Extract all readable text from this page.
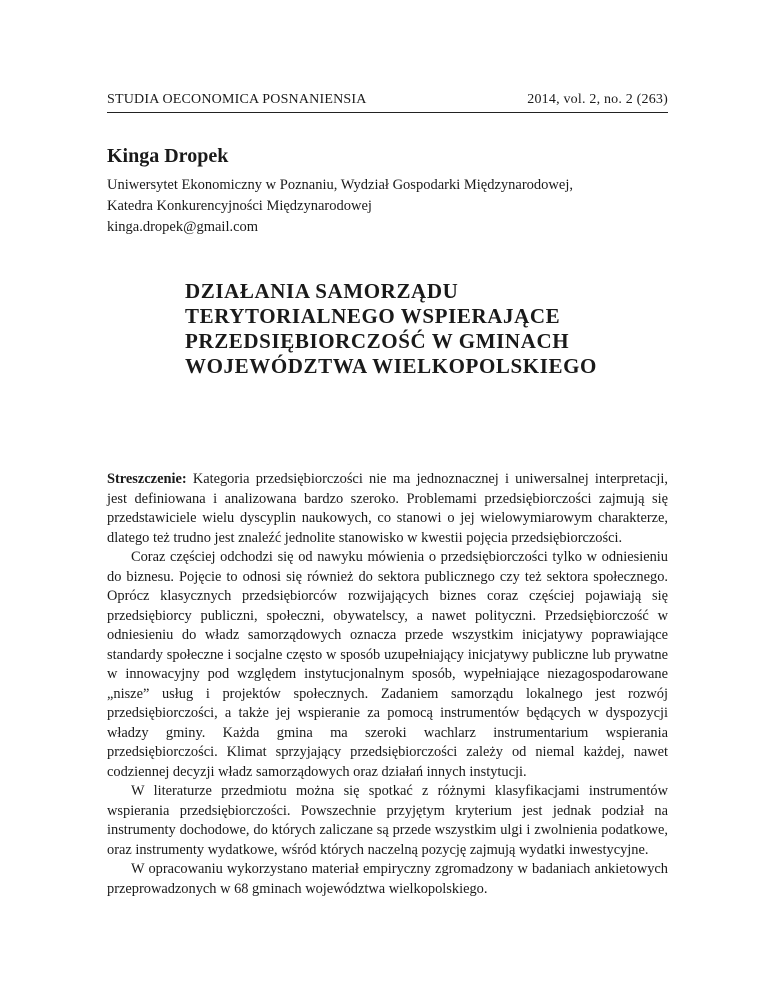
STUDIA OECONOMICA POSNANIENSIA	2014, vol. 2, no. 2 (263)
Kinga Dropek
Uniwersytet Ekonomiczny w Poznaniu, Wydział Gospodarki Międzynarodowej,
Katedra Konkurencyjności Międzynarodowej
kinga.dropek@gmail.com
DZIAŁANIA SAMORZĄDU
TERYTORIALNEGO WSPIERAJĄCE
PRZEDSIĘBIORCZOŚĆ W GMINACH
WOJEWÓDZTWA WIELKOPOLSKIEGO

Streszczenie: Kategoria przedsiębiorczości nie ma jednoznacznej i uniwersalnej interpretacji, jest definiowana i analizowana bardzo szeroko. Problemami przedsiębiorczości zajmują się przedstawiciele wielu dyscyplin naukowych, co stanowi o jej wielowymiarowym charakterze, dlatego też trudno jest znaleźć jednolite stanowisko w kwestii pojęcia przedsiębiorczości.

Coraz częściej odchodzi się od nawyku mówienia o przedsiębiorczości tylko w odniesieniu do biznesu. Pojęcie to odnosi się również do sektora publicznego czy też sektora społecznego. Oprócz klasycznych przedsiębiorców rozwijających biznes coraz częściej pojawiają się przedsiębiorcy publiczni, społeczni, obywatelscy, a nawet polityczni. Przedsiębiorczość w odniesieniu do władz samorządowych oznacza przede wszystkim inicjatywy poprawiające standardy społeczne i socjalne często w sposób uzupełniający inicjatywy publiczne lub prywatne w innowacyjny pod względem instytucjonalnym sposób, wypełniające niezagospodarowane „nisze” usług i projektów społecznych. Zadaniem samorządu lokalnego jest rozwój przedsiębiorczości, a także jej wspieranie za pomocą instrumentów będących w dyspozycji władzy gminy. Każda gmina ma szeroki wachlarz instrumentarium wspierania przedsiębiorczości. Klimat sprzyjający przedsiębiorczości zależy od niemal każdej, nawet codziennej decyzji władz samorządowych oraz działań innych instytucji.

W literaturze przedmiotu można się spotkać z różnymi klasyfikacjami instrumentów wspierania przedsiębiorczości. Powszechnie przyjętym kryterium jest jednak podział na instrumenty dochodowe, do których zaliczane są przede wszystkim ulgi i zwolnienia podatkowe, oraz instrumenty wydatkowe, wśród których naczelną pozycję zajmują wydatki inwestycyjne.

W opracowaniu wykorzystano materiał empiryczny zgromadzony w badaniach ankietowych przeprowadzonych w 68 gminach województwa wielkopolskiego.
